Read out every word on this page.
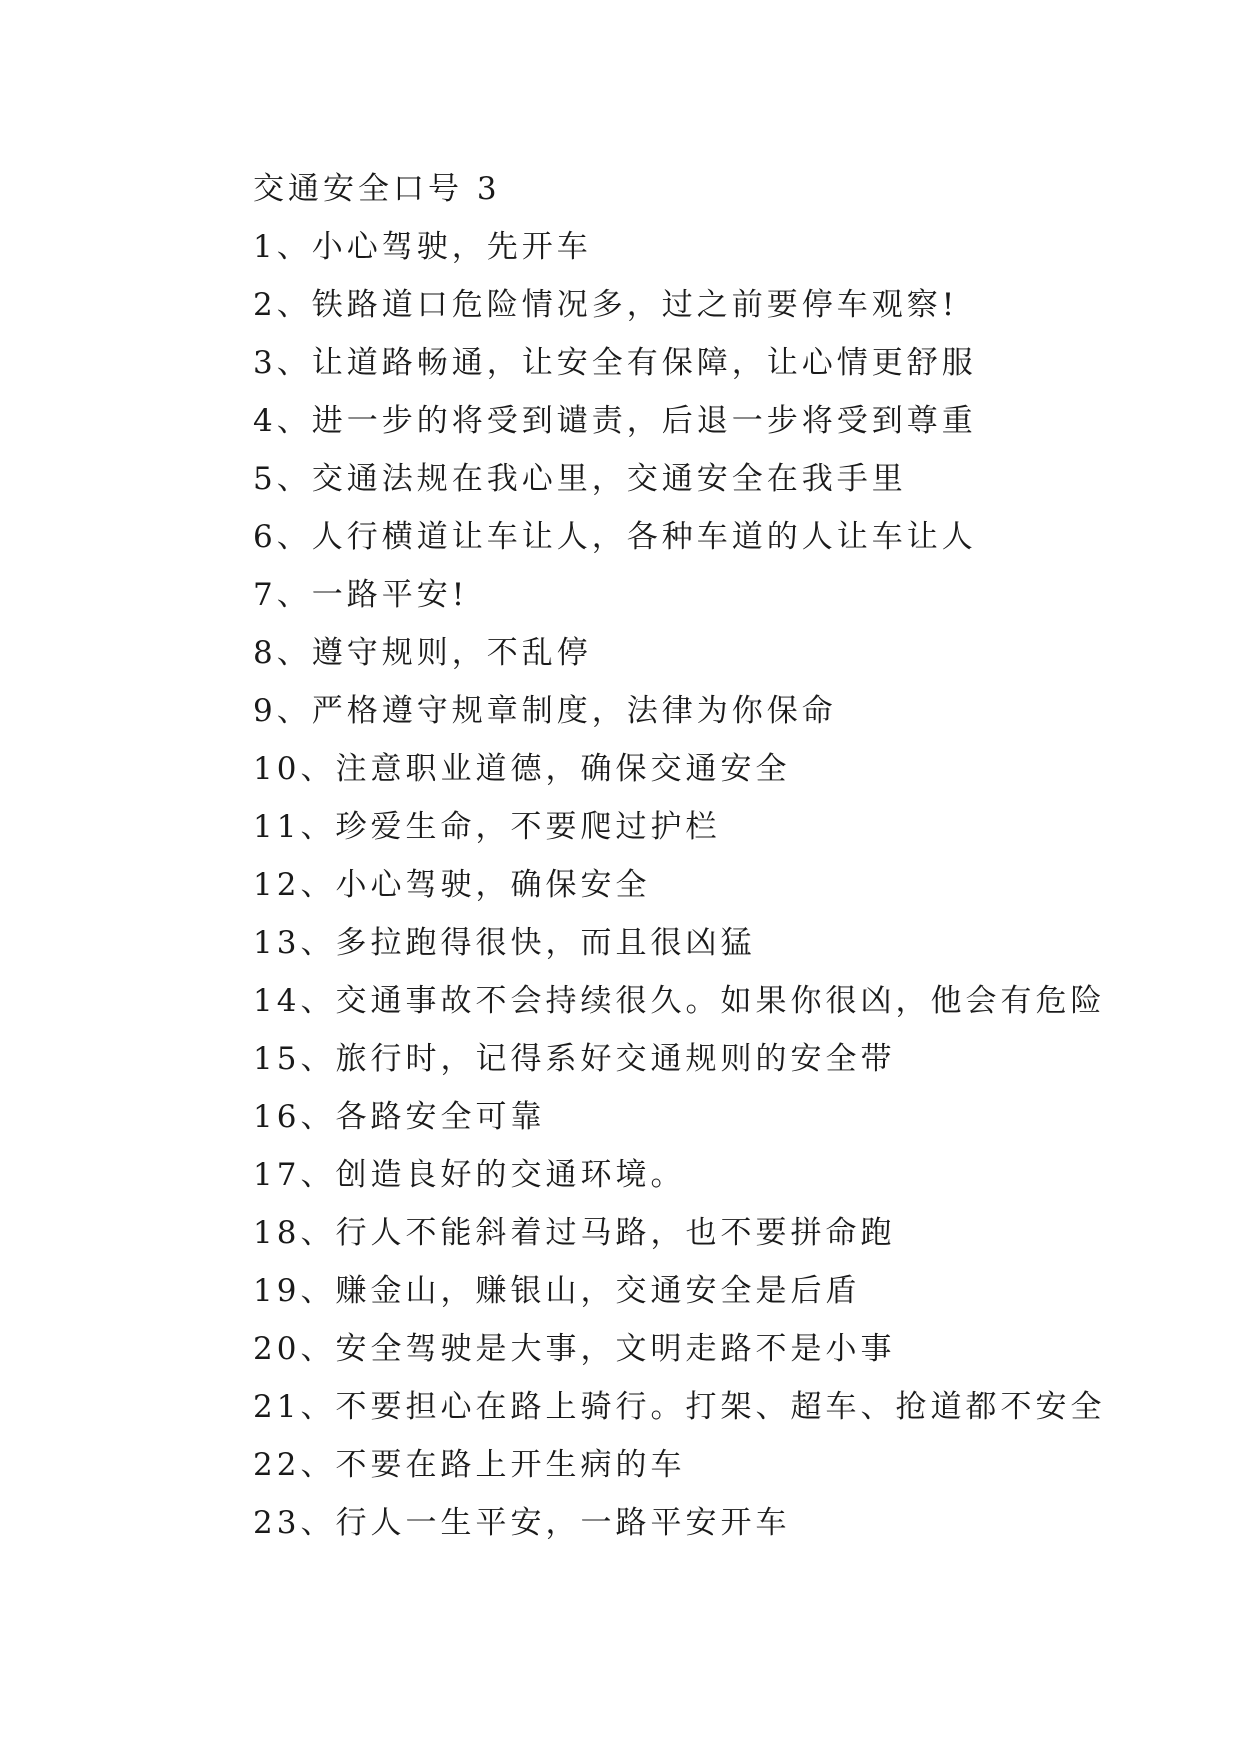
交通安全口号 3
1、小心驾驶，先开车
2、铁路道口危险情况多，过之前要停车观察!
3、让道路畅通，让安全有保障，让心情更舒服
4、进一步的将受到谴责，后退一步将受到尊重
5、交通法规在我心里，交通安全在我手里
6、人行横道让车让人，各种车道的人让车让人
7、一路平安!
8、遵守规则，不乱停
9、严格遵守规章制度，法律为你保命
10、注意职业道德，确保交通安全
11、珍爱生命，不要爬过护栏
12、小心驾驶，确保安全
13、多拉跑得很快，而且很凶猛
14、交通事故不会持续很久。如果你很凶，他会有危险
15、旅行时，记得系好交通规则的安全带
16、各路安全可靠
17、创造良好的交通环境。
18、行人不能斜着过马路，也不要拼命跑
19、赚金山，赚银山，交通安全是后盾
20、安全驾驶是大事，文明走路不是小事
21、不要担心在路上骑行。打架、超车、抢道都不安全
22、不要在路上开生病的车
23、行人一生平安，一路平安开车
